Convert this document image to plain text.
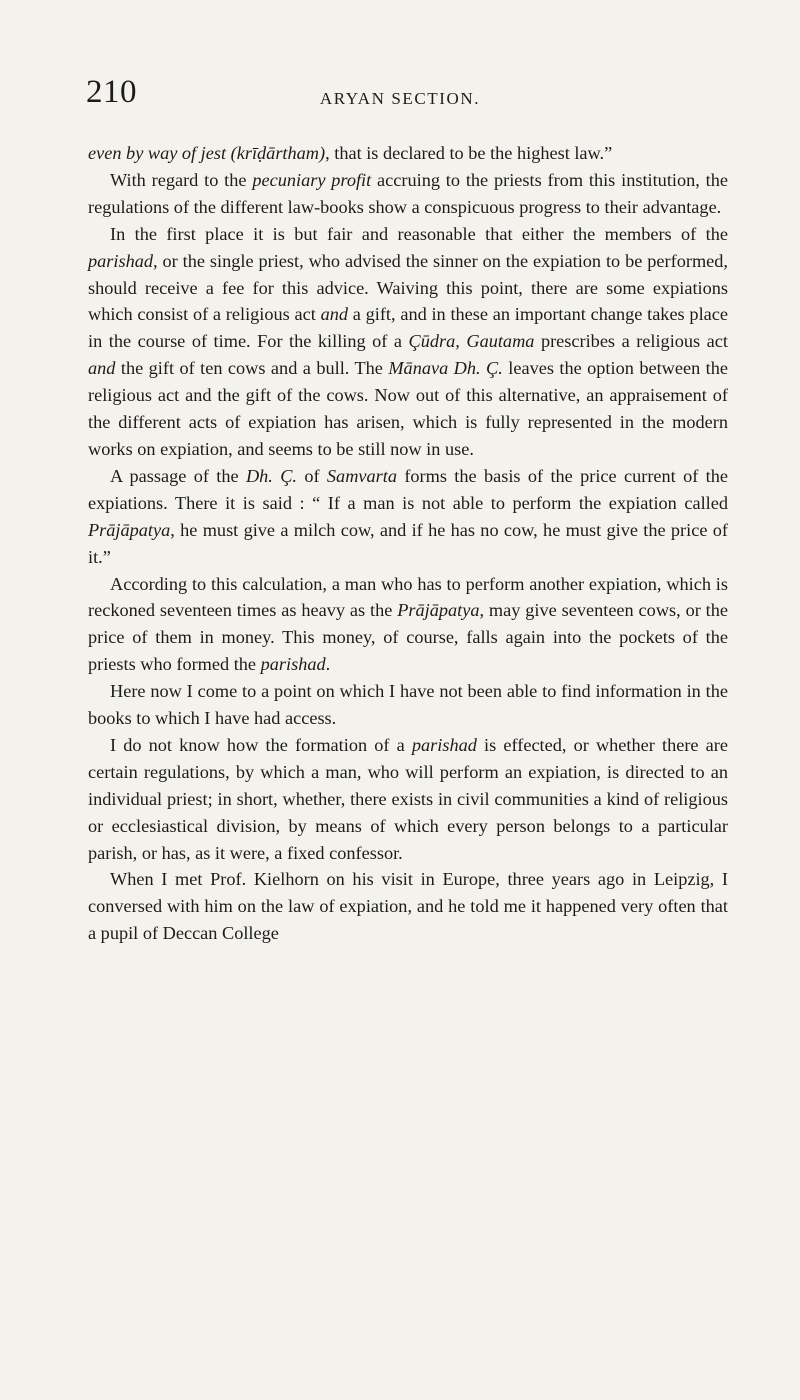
210	ARYAN SECTION.

even by way of jest (krīḍārtham), that is declared to be the highest law.”

With regard to the pecuniary profit accruing to the priests from this institution, the regulations of the different law-books show a conspicuous progress to their advantage.

In the first place it is but fair and reasonable that either the members of the parishad, or the single priest, who advised the sinner on the expiation to be performed, should receive a fee for this advice. Waiving this point, there are some expiations which consist of a religious act and a gift, and in these an important change takes place in the course of time. For the killing of a Çūdra, Gautama prescribes a religious act and the gift of ten cows and a bull. The Mānava Dh. Ç. leaves the option between the religious act and the gift of the cows. Now out of this alternative, an appraisement of the different acts of expiation has arisen, which is fully represented in the modern works on expiation, and seems to be still now in use.

A passage of the Dh. Ç. of Samvarta forms the basis of the price current of the expiations. There it is said : “ If a man is not able to perform the expiation called Prājāpatya, he must give a milch cow, and if he has no cow, he must give the price of it.”

According to this calculation, a man who has to perform another expiation, which is reckoned seventeen times as heavy as the Prājāpatya, may give seventeen cows, or the price of them in money. This money, of course, falls again into the pockets of the priests who formed the parishad.

Here now I come to a point on which I have not been able to find information in the books to which I have had access.

I do not know how the formation of a parishad is effected, or whether there are certain regulations, by which a man, who will perform an expiation, is directed to an individual priest; in short, whether, there exists in civil communities a kind of religious or ecclesiastical division, by means of which every person belongs to a particular parish, or has, as it were, a fixed confessor.

When I met Prof. Kielhorn on his visit in Europe, three years ago in Leipzig, I conversed with him on the law of expiation, and he told me it happened very often that a pupil of Deccan College
